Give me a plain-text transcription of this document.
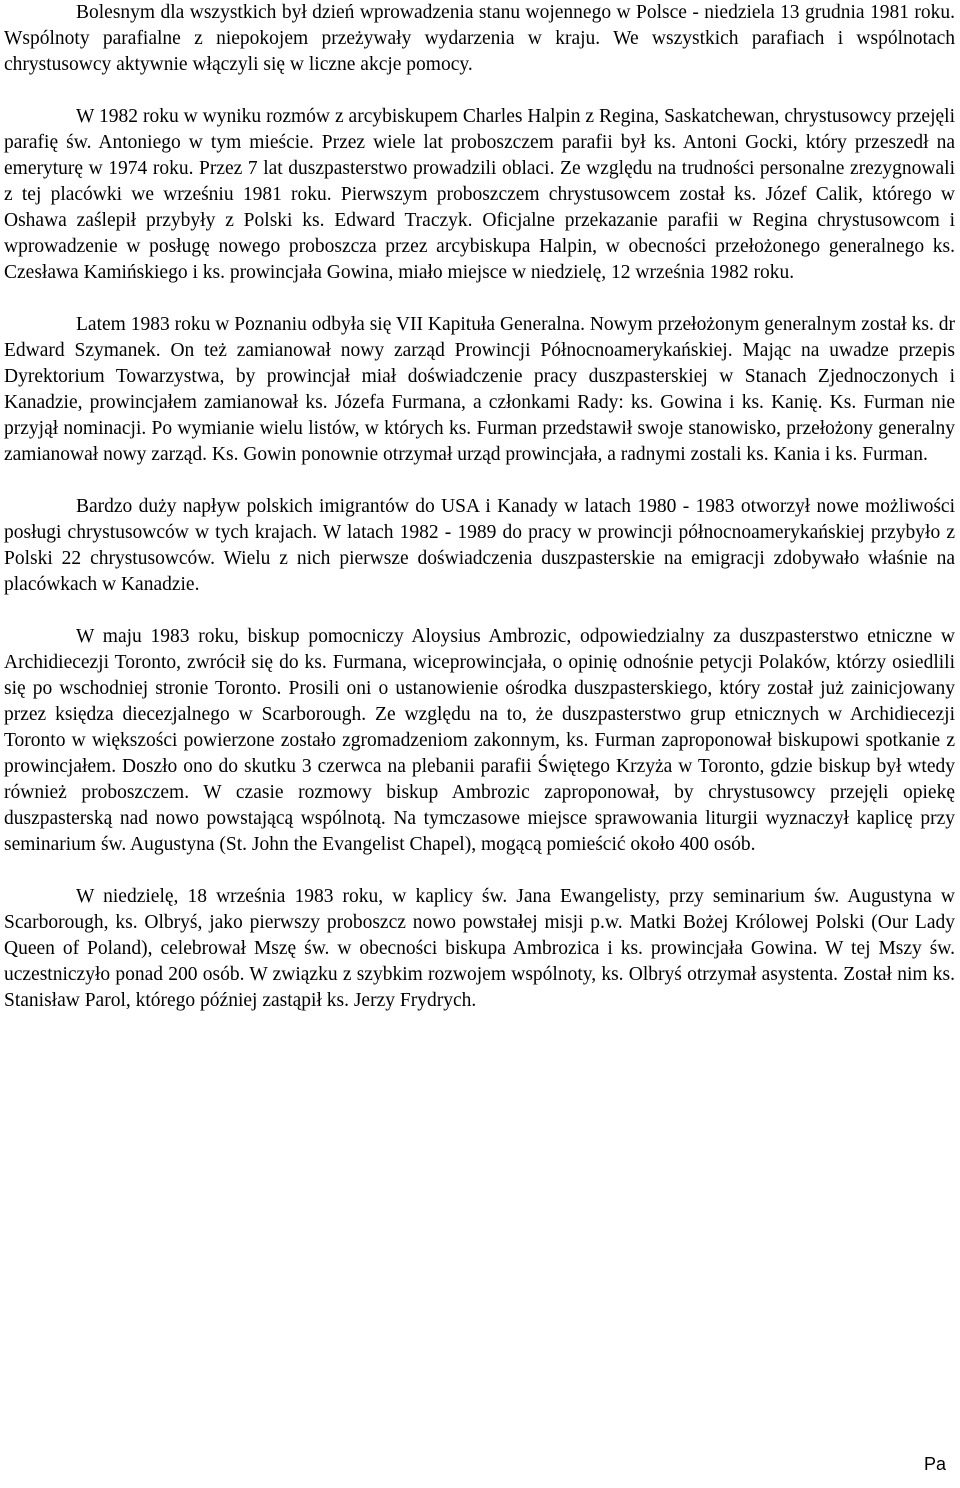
Bolesnym dla wszystkich był dzień wprowadzenia stanu wojennego w Polsce - niedziela 13 grudnia 1981 roku. Wspólnoty parafialne z niepokojem przeżywały wydarzenia w kraju. We wszystkich parafiach i wspólnotach chrystusowcy aktywnie włączyli się w liczne akcje pomocy.

W 1982 roku w wyniku rozmów z arcybiskupem Charles Halpin z Regina, Saskatchewan, chrystusowcy przejęli parafię św. Antoniego w tym mieście. Przez wiele lat proboszczem parafii był ks. Antoni Gocki, który przeszedł na emeryturę w 1974 roku. Przez 7 lat duszpasterstwo prowadzili oblaci. Ze względu na trudności personalne zrezygnowali z tej placówki we wrześniu 1981 roku. Pierwszym proboszczem chrystusowcem został ks. Józef Calik, którego w Oshawa zaślepił przybyły z Polski ks. Edward Traczyk. Oficjalne przekazanie parafii w Regina chrystusowcom i wprowadzenie w posługę nowego proboszcza przez arcybiskupa Halpin, w obecności przełożonego generalnego ks. Czesława Kamińskiego i ks. prowincjała Gowina, miało miejsce w niedzielę, 12 września 1982 roku.

Latem 1983 roku w Poznaniu odbyła się VII Kapituła Generalna. Nowym przełożonym generalnym został ks. dr Edward Szymanek. On też zamianował nowy zarząd Prowincji Północnoamerykańskiej. Mając na uwadze przepis Dyrektorium Towarzystwa, by prowincjał miał doświadczenie pracy duszpasterskiej w Stanach Zjednoczonych i Kanadzie, prowincjałem zamianował ks. Józefa Furmana, a członkami Rady: ks. Gowina i ks. Kanię. Ks. Furman nie przyjął nominacji. Po wymianie wielu listów, w których ks. Furman przedstawił swoje stanowisko, przełożony generalny zamianował nowy zarząd. Ks. Gowin ponownie otrzymał urząd prowincjała, a radnymi zostali ks. Kania i ks. Furman.

Bardzo duży napływ polskich imigrantów do USA i Kanady w latach 1980 - 1983 otworzył nowe możliwości posługi chrystusowców w tych krajach. W latach 1982 - 1989 do pracy w prowincji północnoamerykańskiej przybyło z Polski 22 chrystusowców. Wielu z nich pierwsze doświadczenia duszpasterskie na emigracji zdobywało właśnie na placówkach w Kanadzie.

W maju 1983 roku, biskup pomocniczy Aloysius Ambrozic, odpowiedzialny za duszpasterstwo etniczne w Archidiecezji Toronto, zwrócił się do ks. Furmana, wiceprowincjała, o opinię odnośnie petycji Polaków, którzy osiedlili się po wschodniej stronie Toronto. Prosili oni o ustanowienie ośrodka duszpasterskiego, który został już zainicjowany przez księdza diecezjalnego w Scarborough. Ze względu na to, że duszpasterstwo grup etnicznych w Archidiecezji Toronto w większości powierzone zostało zgromadzeniom zakonnym, ks. Furman zaproponował biskupowi spotkanie z prowincjałem. Doszło ono do skutku 3 czerwca na plebanii parafii Świętego Krzyża w Toronto, gdzie biskup był wtedy również proboszczem. W czasie rozmowy biskup Ambrozic zaproponował, by chrystusowcy przejęli opiekę duszpasterską nad nowo powstającą wspólnotą. Na tymczasowe miejsce sprawowania liturgii wyznaczył kaplicę przy seminarium św. Augustyna (St. John the Evangelist Chapel), mogącą pomieścić około 400 osób.

W niedzielę, 18 września 1983 roku, w kaplicy św. Jana Ewangelisty, przy seminarium św. Augustyna w Scarborough, ks. Olbryś, jako pierwszy proboszcz nowo powstałej misji p.w. Matki Bożej Królowej Polski (Our Lady Queen of Poland), celebrował Mszę św. w obecności biskupa Ambrozica i ks. prowincjała Gowina. W tej Mszy św. uczestniczyło ponad 200 osób. W związku z szybkim rozwojem wspólnoty, ks. Olbryś otrzymał asystenta. Został nim ks. Stanisław Parol, którego później zastąpił ks. Jerzy Frydrych.

Pa
